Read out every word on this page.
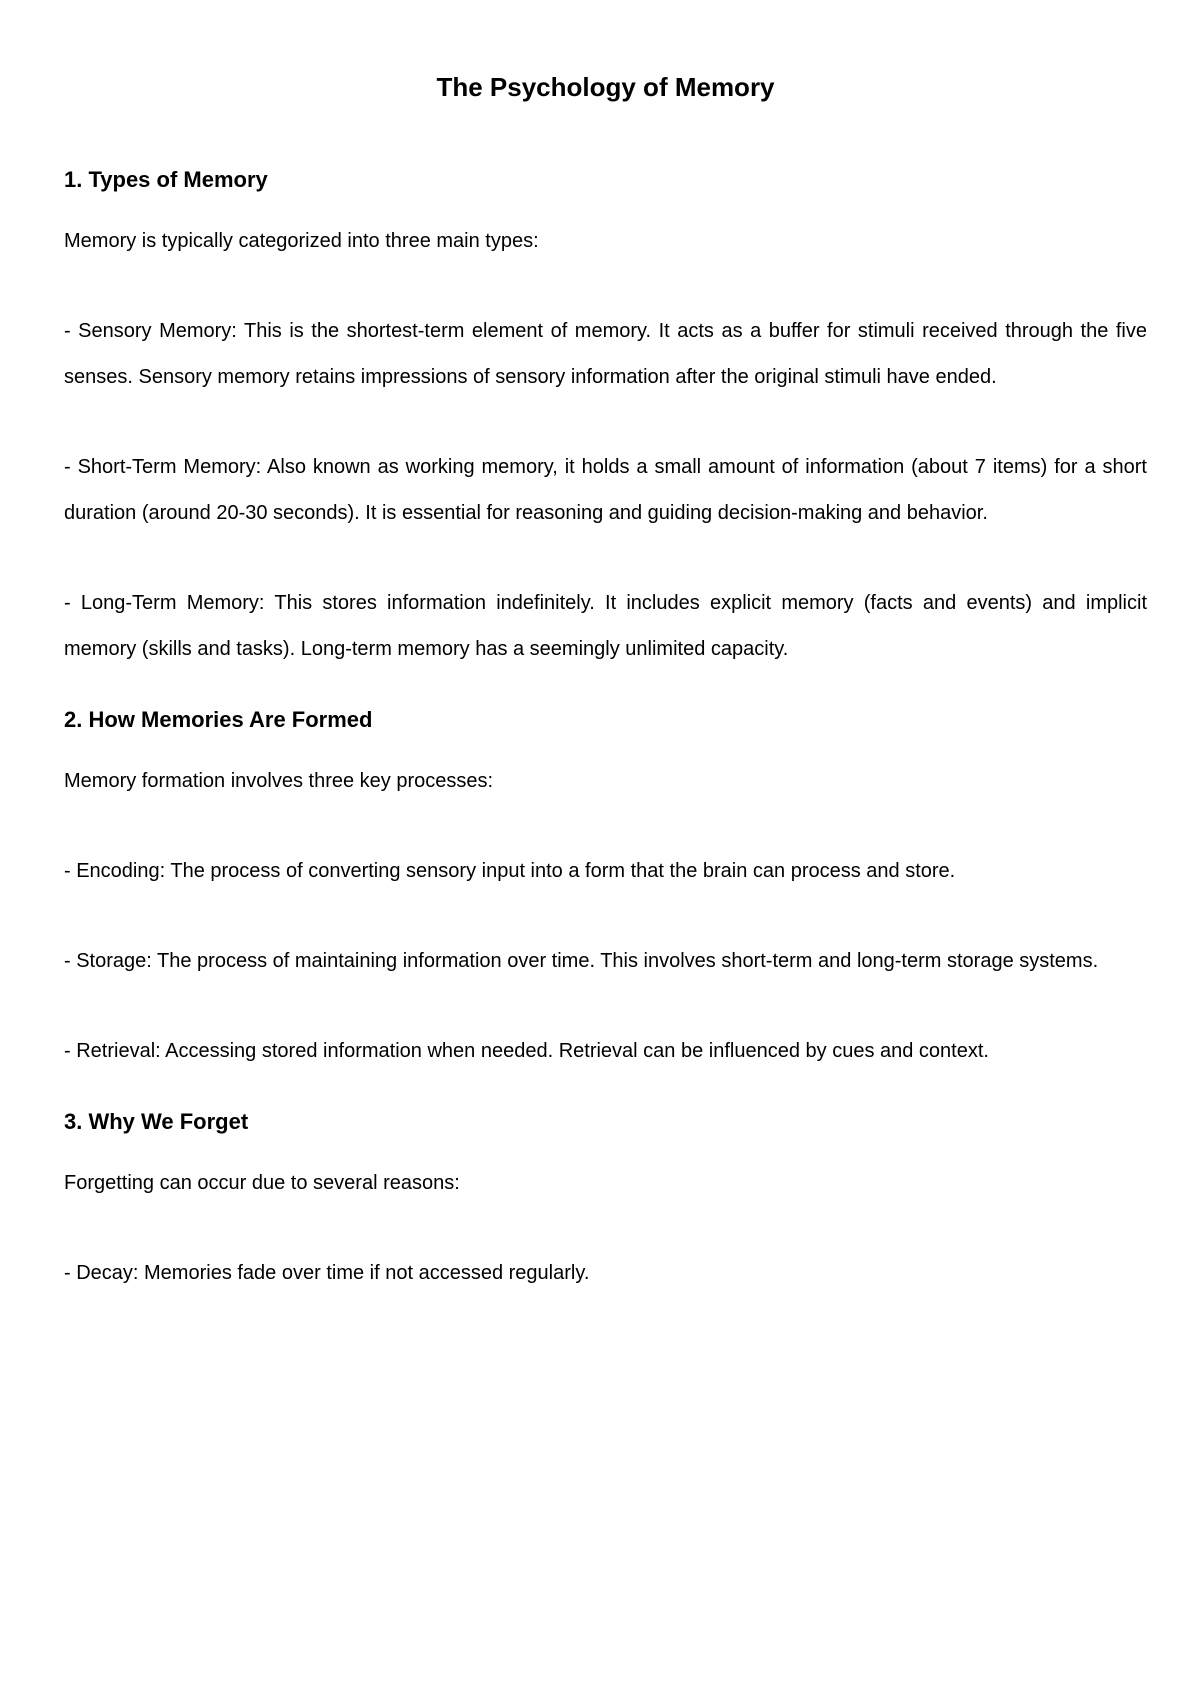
The Psychology of Memory
1. Types of Memory

Memory is typically categorized into three main types:

- Sensory Memory: This is the shortest-term element of memory. It acts as a buffer for stimuli received through the five senses. Sensory memory retains impressions of sensory information after the original stimuli have ended.

- Short-Term Memory: Also known as working memory, it holds a small amount of information (about 7 items) for a short duration (around 20-30 seconds). It is essential for reasoning and guiding decision-making and behavior.

- Long-Term Memory: This stores information indefinitely. It includes explicit memory (facts and events) and implicit memory (skills and tasks). Long-term memory has a seemingly unlimited capacity.

2. How Memories Are Formed

Memory formation involves three key processes:

- Encoding: The process of converting sensory input into a form that the brain can process and store.

- Storage: The process of maintaining information over time. This involves short-term and long-term storage systems.

- Retrieval: Accessing stored information when needed. Retrieval can be influenced by cues and context.

3. Why We Forget

Forgetting can occur due to several reasons:

- Decay: Memories fade over time if not accessed regularly.
